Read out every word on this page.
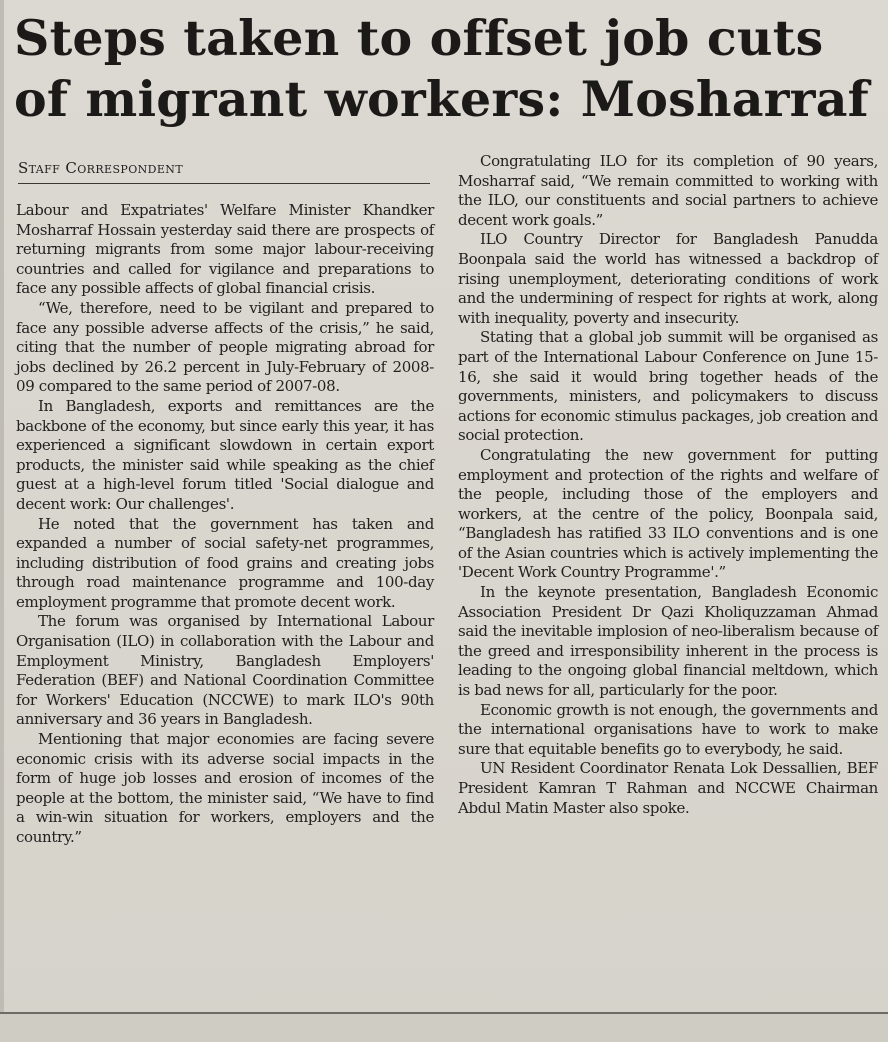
Steps taken to offset job cuts of migrant workers: Mosharraf
Staff Correspondent

Labour and Expatriates' Welfare Minister Khandker Mosharraf Hossain yesterday said there are prospects of returning migrants from some major labour-receiving countries and called for vigilance and preparations to face any possible affects of global financial crisis.

“We, therefore, need to be vigilant and prepared to face any possible adverse affects of the crisis,” he said, citing that the number of people migrating abroad for jobs declined by 26.2 percent in July-February of 2008-09 compared to the same period of 2007-08.

In Bangladesh, exports and remittances are the backbone of the economy, but since early this year, it has experienced a significant slowdown in certain export products, the minister said while speaking as the chief guest at a high-level forum titled 'Social dialogue and decent work: Our challenges'.

He noted that the government has taken and expanded a number of social safety-net programmes, including distribution of food grains and creating jobs through road maintenance programme and 100-day employment programme that promote decent work.

The forum was organised by International Labour Organisation (ILO) in collaboration with the Labour and Employment Ministry, Bangladesh Employers' Federation (BEF) and National Coordination Committee for Workers' Education (NCCWE) to mark ILO's 90th anniversary and 36 years in Bangladesh.

Mentioning that major economies are facing severe economic crisis with its adverse social impacts in the form of huge job losses and erosion of incomes of the people at the bottom, the minister said, “We have to find a win-win situation for workers, employers and the country.”

Congratulating ILO for its completion of 90 years, Mosharraf said, “We remain committed to working with the ILO, our constituents and social partners to achieve decent work goals.”

ILO Country Director for Bangladesh Panudda Boonpala said the world has witnessed a backdrop of rising unemployment, deteriorating conditions of work and the undermining of respect for rights at work, along with inequality, poverty and insecurity.

Stating that a global job summit will be organised as part of the International Labour Conference on June 15-16, she said it would bring together heads of the governments, ministers, and policymakers to discuss actions for economic stimulus packages, job creation and social protection.

Congratulating the new government for putting employment and protection of the rights and welfare of the people, including those of the employers and workers, at the centre of the policy, Boonpala said, “Bangladesh has ratified 33 ILO conventions and is one of the Asian countries which is actively implementing the 'Decent Work Country Programme'.”

In the keynote presentation, Bangladesh Economic Association President Dr Qazi Kholiquzzaman Ahmad said the inevitable implosion of neo-liberalism because of the greed and irresponsibility inherent in the process is leading to the ongoing global financial meltdown, which is bad news for all, particularly for the poor.

Economic growth is not enough, the governments and the international organisations have to work to make sure that equitable benefits go to everybody, he said.

UN Resident Coordinator Renata Lok Dessallien, BEF President Kamran T Rahman and NCCWE Chairman Abdul Matin Master also spoke.
